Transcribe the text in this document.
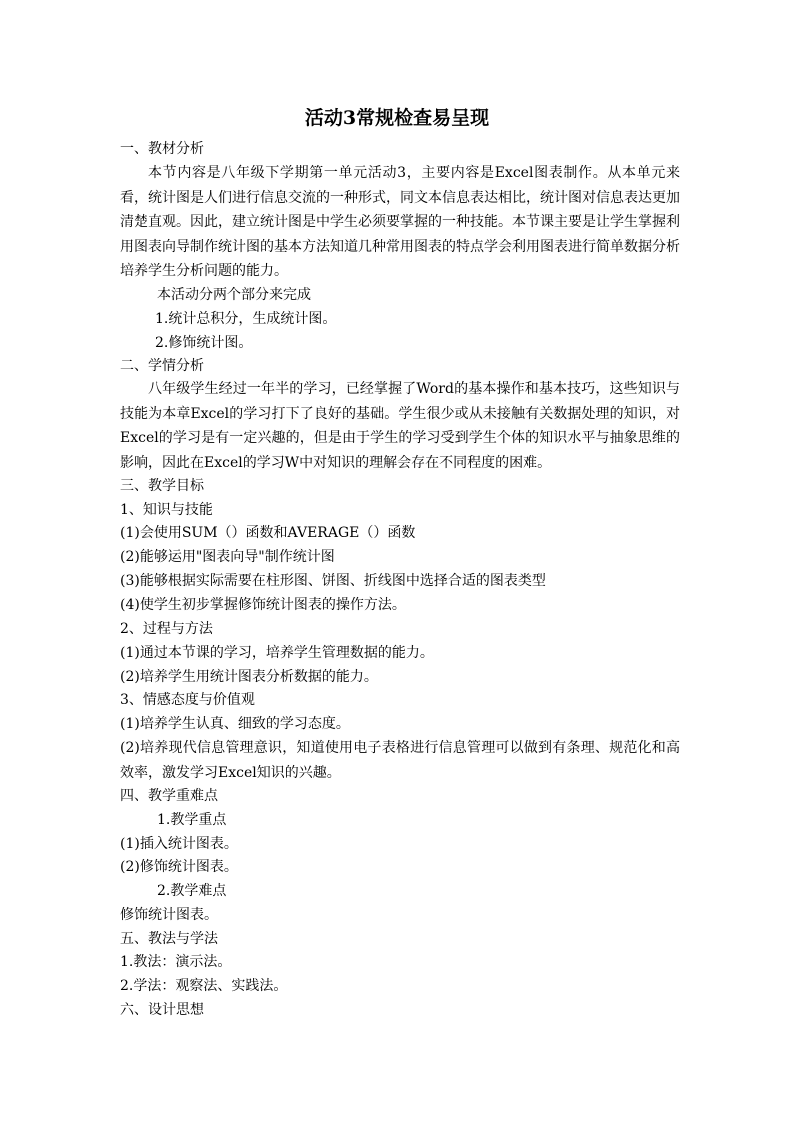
活动3常规检查易呈现
一、教材分析
本节内容是八年级下学期第一单元活动3，主要内容是Excel图表制作。从本单元来看，统计图是人们进行信息交流的一种形式，同文本信息表达相比，统计图对信息表达更加清楚直观。因此，建立统计图是中学生必须要掌握的一种技能。本节课主要是让学生掌握利用图表向导制作统计图的基本方法知道几种常用图表的特点学会利用图表进行简单数据分析培养学生分析问题的能力。
本活动分两个部分来完成
1.统计总积分，生成统计图。
2.修饰统计图。
二、学情分析
八年级学生经过一年半的学习，已经掌握了Word的基本操作和基本技巧，这些知识与技能为本章Excel的学习打下了良好的基础。学生很少或从未接触有关数据处理的知识，对Excel的学习是有一定兴趣的，但是由于学生的学习受到学生个体的知识水平与抽象思维的影响，因此在Excel的学习W中对知识的理解会存在不同程度的困难。
三、教学目标
1、知识与技能
(1)会使用SUM（）函数和AVERAGE（）函数
(2)能够运用"图表向导"制作统计图
(3)能够根据实际需要在柱形图、饼图、折线图中选择合适的图表类型
(4)使学生初步掌握修饰统计图表的操作方法。
2、过程与方法
(1)通过本节课的学习，培养学生管理数据的能力。
(2)培养学生用统计图表分析数据的能力。
3、情感态度与价值观
(1)培养学生认真、细致的学习态度。
(2)培养现代信息管理意识，知道使用电子表格进行信息管理可以做到有条理、规范化和高效率，激发学习Excel知识的兴趣。
四、教学重难点
1.教学重点
(1)插入统计图表。
(2)修饰统计图表。
2.教学难点
修饰统计图表。
五、教法与学法
1.教法：演示法。
2.学法：观察法、实践法。
六、设计思想
